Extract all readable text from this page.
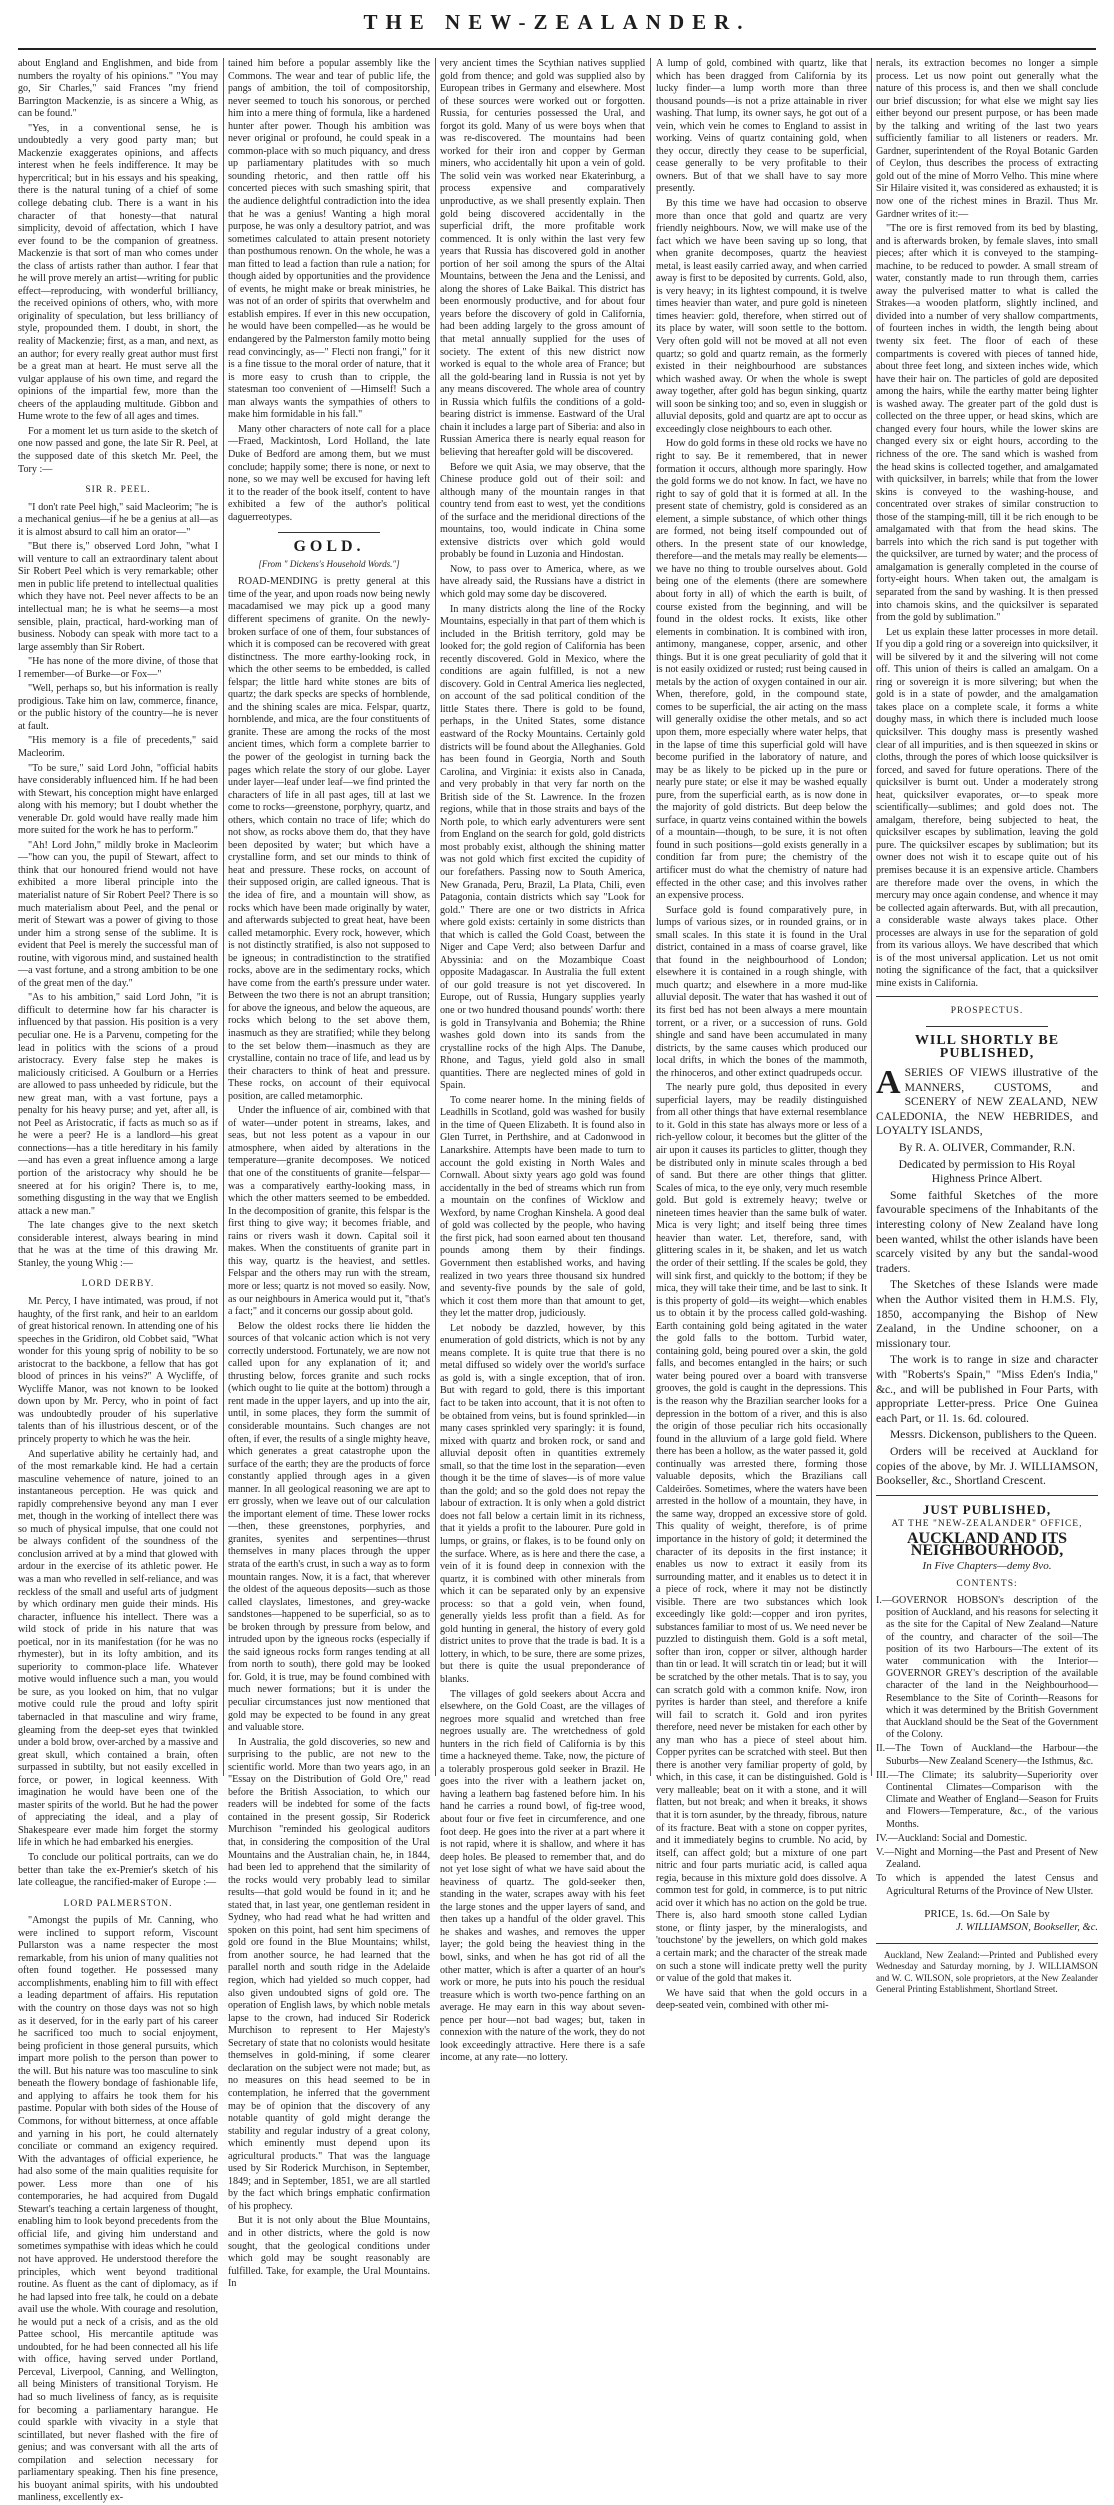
THE NEW-ZEALANDER.

about England and Englishmen, and bide from numbers the royalty of his opinions." "You may go, Sir Charles," said Frances "my friend Barrington Mackenzie, is as sincere a Whig, as can be found."

"Yes, in a conventional sense, he is undoubtedly a very good party man; but Mackenzie exaggerates opinions, and affects interest when he feels indifference. It may be hypercritical; but in his essays and his speaking, there is the natural tuning of a chief of some college debating club. There is a want in his character of that honesty—that natural simplicity, devoid of affectation, which I have ever found to be the companion of greatness. Mackenzie is that sort of man who comes under the class of artists rather than author. I fear that he will prove merely an artist—writing for public effect—reproducing, with wonderful brilliancy, the received opinions of others, who, with more originality of speculation, but less brilliancy of style, propounded them. I doubt, in short, the reality of Mackenzie; first, as a man, and next, as an author; for every really great author must first be a great man at heart. He must serve all the vulgar applause of his own time, and regard the opinions of the impartial few, more than the cheers of the applauding multitude. Gibbon and Hume wrote to the few of all ages and times.

For a moment let us turn aside to the sketch of one now passed and gone, the late Sir R. Peel, at the supposed date of this sketch Mr. Peel, the Tory :—

SIR R. PEEL.

"I don't rate Peel high," said Macleorim; "he is a mechanical genius—if he be a genius at all—as it is almost absurd to call him an orator—"

"But there is," observed Lord John, "what I will venture to call an extraordinary talent about Sir Robert Peel which is very remarkable; other men in public life pretend to intellectual qualities which they have not. Peel never affects to be an intellectual man; he is what he seems—a most sensible, plain, practical, hard-working man of business. Nobody can speak with more tact to a large assembly than Sir Robert.

"He has none of the more divine, of those that I remember—of Burke—or Fox—"

"Well, perhaps so, but his information is really prodigious. Take him on law, commerce, finance, or the public history of the country—he is never at fault.

"His memory is a file of precedents," said Macleorim.

"To be sure," said Lord John, "official habits have considerably influenced him. If he had been with Stewart, his conception might have enlarged along with his memory; but I doubt whether the venerable Dr. gold would have really made him more suited for the work he has to perform."

"Ah! Lord John," mildly broke in Macleorim—"how can you, the pupil of Stewart, affect to think that our honoured friend would not have exhibited a more liberal principle into the materialist nature of Sir Robert Peel? There is so much materialism about Peel, and the penal or merit of Stewart was a power of giving to those under him a strong sense of the sublime. It is evident that Peel is merely the successful man of routine, with vigorous mind, and sustained health—a vast fortune, and a strong ambition to be one of the great men of the day."

"As to his ambition," said Lord John, "it is difficult to determine how far his character is influenced by that passion. His position is a very peculiar one. He is a Parvenu, competing for the lead in politics with the scions of a proud aristocracy. Every false step he makes is maliciously criticised. A Goulburn or a Herries are allowed to pass unheeded by ridicule, but the new great man, with a vast fortune, pays a penalty for his heavy purse; and yet, after all, is not Peel as Aristocratic, if facts as much so as if he were a peer? He is a landlord—his great connections—has a title hereditary in his family—and has even a great influence among a large portion of the aristocracy why should he be sneered at for his origin? There is, to me, something disgusting in the way that we English attack a new man."

The late changes give to the next sketch considerable interest, always bearing in mind that he was at the time of this drawing Mr. Stanley, the young Whig :—

LORD DERBY.

Mr. Percy, I have intimated, was proud, if not haughty, of the first rank, and heir to an earldom of great historical renown. In attending one of his speeches in the Gridiron, old Cobbet said, "What wonder for this young sprig of nobility to be so aristocrat to the backbone, a fellow that has got blood of princes in his veins?" A Wycliffe, of Wycliffe Manor, was not known to be looked down upon by Mr. Percy, who in point of fact was undoubtedly prouder of his superlative talents than of his illustrious descent, or of the princely property to which he was the heir.

And superlative ability he certainly had, and of the most remarkable kind. He had a certain masculine vehemence of nature, joined to an instantaneous perception. He was quick and rapidly comprehensive beyond any man I ever met, though in the working of intellect there was so much of physical impulse, that one could not be always confident of the soundness of the conclusion arrived at by a mind that glowed with ardour in the exercise of its athletic power. He was a man who revelled in self-reliance, and was reckless of the small and useful arts of judgment by which ordinary men guide their minds. His character, influence his intellect. There was a wild stock of pride in his nature that was poetical, nor in its manifestation (for he was no rhymester), but in its lofty ambition, and its superiority to common-place life. Whatever motive would influence such a man, you would be sure, as you looked on him, that no vulgar motive could rule the proud and lofty spirit tabernacled in that masculine and wiry frame, gleaming from the deep-set eyes that twinkled under a bold brow, over-arched by a massive and great skull, which contained a brain, often surpassed in subtilty, but not easily excelled in force, or power, in logical keenness. With imagination he would have been one of the master spirits of the world. But he had the power of appreciating the ideal, and a play of Shakespeare ever made him forget the stormy life in which he had embarked his energies.

To conclude our political portraits, can we do better than take the ex-Premier's sketch of his late colleague, the rancified-maker of Europe :—

LORD PALMERSTON.

"Amongst the pupils of Mr. Canning, who were inclined to support reform, Viscount Pullarston was a name respecter the most remarkable, from his union of many qualities not often found together. He possessed many accomplishments, enabling him to fill with effect a leading department of affairs. His reputation with the country on those days was not so high as it deserved, for in the early part of his career he sacrificed too much to social enjoyment, being proficient in those general pursuits, which impart more polish to the person than power to the will. But his nature was too masculine to sink beneath the flowery bondage of fashionable life, and applying to affairs he took them for his pastime. Popular with both sides of the House of Commons, for without bitterness, at once affable and yarning in his port, he could alternately conciliate or command an exigency required. With the advantages of official experience, he had also some of the main qualities requisite for power. Less more than one of his contemporaries, he had acquired from Dugald Stewart's teaching a certain largeness of thought, enabling him to look beyond precedents from the official life, and giving him understand and sometimes sympathise with ideas which he could not have approved. He understood therefore the principles, which went beyond traditional routine. As fluent as the cant of diplomacy, as if he had lapsed into free talk, he could on a debate avail use the whole. With courage and resolution, he would put a neck of a crisis, and as the old Pattee school, His mercantile aptitude was undoubted, for he had been connected all his life with office, having served under Portland, Perceval, Liverpool, Canning, and Wellington, all being Ministers of transitional Toryism. He had so much liveliness of fancy, as is requisite for becoming a parliamentary harangue. He could sparkle with vivacity in a style that scintillated, but never flashed with the fire of genius; and was conversant with all the arts of compilation and selection necessary for parliamentary speaking. Then his fine presence, his buoyant animal spirits, with his undoubted manliness, excellently ex-

tained him before a popular assembly like the Commons. The wear and tear of public life, the pangs of ambition, the toil of compositorship, never seemed to touch his sonorous, or perched him into a mere thing of formula, like a hardened hunter after power. Though his ambition was never original or profound, he could speak in a common-place with so much piquancy, and dress up parliamentary platitudes with so much sounding rhetoric, and then rattle off his concerted pieces with such smashing spirit, that the audience delightful contradiction into the idea that he was a genius! Wanting a high moral purpose, he was only a desultory patriot, and was sometimes calculated to attain present notoriety than posthumous renown. On the whole, he was a man fitted to lead a faction than rule a nation; for though aided by opportunities and the providence of events, he might make or break ministries, he was not of an order of spirits that overwhelm and establish empires. If ever in this new occupation, he would have been compelled—as he would be endangered by the Palmerston family motto being read convincingly, as—" Flecti non frangi," for it is a fine tissue to the moral order of nature, that it is more easy to crush than to cripple, the statesman too convenient of —Himself! Such a man always wants the sympathies of others to make him formidable in his fall."

Many other characters of note call for a place—Fraed, Mackintosh, Lord Holland, the late Duke of Bedford are among them, but we must conclude; happily some; there is none, or next to none, so we may well be excused for having left it to the reader of the book itself, content to have exhibited a few of the author's political daguerreotypes.

GOLD.
[From " Dickens's Household Words."]

ROAD-MENDING is pretty general at this time of the year, and upon roads now being newly macadamised we may pick up a good many different specimens of granite. On the newly-broken surface of one of them, four substances of which it is composed can be recovered with great distinctness. The more earthy-looking rock, in which the other seems to be embedded, is called felspar; the little hard white stones are bits of quartz; the dark specks are specks of hornblende, and the shining scales are mica. Felspar, quartz, hornblende, and mica, are the four constituents of granite. These are among the rocks of the most ancient times, which form a complete barrier to the power of the geologist in turning back the pages which relate the story of our globe. Layer under layer—leaf under leaf—we find printed the characters of life in all past ages, till at last we come to rocks—greenstone, porphyry, quartz, and others, which contain no trace of life; which do not show, as rocks above them do, that they have been deposited by water; but which have a crystalline form, and set our minds to think of heat and pressure. These rocks, on account of their supposed origin, are called igneous. That is the idea of fire, and a mountain will show, as rocks which have been made originally by water, and afterwards subjected to great heat, have been called metamorphic. Every rock, however, which is not distinctly stratified, is also not supposed to be igneous; in contradistinction to the stratified rocks, above are in the sedimentary rocks, which have come from the earth's pressure under water. Between the two there is not an abrupt transition; for above the igneous, and below the aqueous, are rocks which belong to the set above them, inasmuch as they are stratified; while they belong to the set below them—inasmuch as they are crystalline, contain no trace of life, and lead us by their characters to think of heat and pressure. These rocks, on account of their equivocal position, are called metamorphic.

Under the influence of air, combined with that of water—under potent in streams, lakes, and seas, but not less potent as a vapour in our atmosphere, when aided by alterations in the temperature—granite decomposes. We noticed that one of the constituents of granite—felspar—was a comparatively earthy-looking mass, in which the other matters seemed to be embedded. In the decomposition of granite, this felspar is the first thing to give way; it becomes friable, and rains or rivers wash it down. Capital soil it makes. When the constituents of granite part in this way, quartz is the heaviest, and settles. Felspar and the others may run with the stream, more or less; quartz is not moved so easily. Now, as our neighbours in America would put it, "that's a fact;" and it concerns our gossip about gold.

Below the oldest rocks there lie hidden the sources of that volcanic action which is not very correctly understood. Fortunately, we are now not called upon for any explanation of it; and thrusting below, forces granite and such rocks (which ought to lie quite at the bottom) through a rent made in the upper layers, and up into the air, until, in some places, they form the summit of considerable mountains. Such changes are not often, if ever, the results of a single mighty heave, which generates a great catastrophe upon the surface of the earth; they are the products of force constantly applied through ages in a given manner. In all geological reasoning we are apt to err grossly, when we leave out of our calculation the important element of time. These lower rocks—then, these greenstones, porphyries, and granites, syenites and serpentines—thrust themselves in many places through the upper strata of the earth's crust, in such a way as to form mountain ranges. Now, it is a fact, that wherever the oldest of the aqueous deposits—such as those called clayslates, limestones, and grey-wacke sandstones—happened to be superficial, so as to be broken through by pressure from below, and intruded upon by the igneous rocks (especially if the said igneous rocks form ranges tending at all from north to south), there gold may be looked for. Gold, it is true, may be found combined with much newer formations; but it is under the peculiar circumstances just now mentioned that gold may be expected to be found in any great and valuable store.

In Australia, the gold discoveries, so new and surprising to the public, are not new to the scientific world. More than two years ago, in an "Essay on the Distribution of Gold Ore," read before the British Association, to which our readers will be indebted for some of the facts contained in the present gossip, Sir Roderick Murchison "reminded his geological auditors that, in considering the composition of the Ural Mountains and the Australian chain, he, in 1844, had been led to apprehend that the similarity of the rocks would very probably lead to similar results—that gold would be found in it; and he stated that, in last year, one gentleman resident in Sydney, who had read what he had written and spoken on this point, had sent him specimens of gold ore found in the Blue Mountains; whilst, from another source, he had learned that the parallel north and south ridge in the Adelaide region, which had yielded so much copper, had also given undoubted signs of gold ore. The operation of English laws, by which noble metals lapse to the crown, had induced Sir Roderick Murchison to represent to Her Majesty's Secretary of state that no colonists would hesitate themselves in gold-mining, if some clearer declaration on the subject were not made; but, as no measures on this head seemed to be in contemplation, he inferred that the government may be of opinion that the discovery of any notable quantity of gold might derange the stability and regular industry of a great colony, which eminently must depend upon its agricultural products." That was the language used by Sir Roderick Murchison, in September, 1849; and in September, 1851, we are all startled by the fact which brings emphatic confirmation of his prophecy.

But it is not only about the Blue Mountains, and in other districts, where the gold is now sought, that the geological conditions under which gold may be sought reasonably are fulfilled. Take, for example, the Ural Mountains. In

very ancient times the Scythian natives supplied gold from thence; and gold was supplied also by European tribes in Germany and elsewhere. Most of these sources were worked out or forgotten. Russia, for centuries possessed the Ural, and forgot its gold. Many of us were boys when that was re-discovered. The mountains had been worked for their iron and copper by German miners, who accidentally hit upon a vein of gold. The solid vein was worked near Ekaterinburg, a process expensive and comparatively unproductive, as we shall presently explain. Then gold being discovered accidentally in the superficial drift, the more profitable work commenced. It is only within the last very few years that Russia has discovered gold in another portion of her soil among the spurs of the Altai Mountains, between the Jena and the Lenissi, and along the shores of Lake Baikal. This district has been enormously productive, and for about four years before the discovery of gold in California, had been adding largely to the gross amount of that metal annually supplied for the uses of society. The extent of this new district now worked is equal to the whole area of France; but all the gold-bearing land in Russia is not yet by any means discovered. The whole area of country in Russia which fulfils the conditions of a gold-bearing district is immense. Eastward of the Ural chain it includes a large part of Siberia: and also in Russian America there is nearly equal reason for believing that hereafter gold will be discovered.

Before we quit Asia, we may observe, that the Chinese produce gold out of their soil: and although many of the mountain ranges in that country tend from east to west, yet the conditions of the surface and the meridional directions of the mountains, too, would indicate in China some extensive districts over which gold would probably be found in Luzonia and Hindostan.

Now, to pass over to America, where, as we have already said, the Russians have a district in which gold may some day be discovered.

In many districts along the line of the Rocky Mountains, especially in that part of them which is included in the British territory, gold may be looked for; the gold region of California has been recently discovered. Gold in Mexico, where the conditions are again fulfilled, is not a new discovery. Gold in Central America lies neglected, on account of the sad political condition of the little States there. There is gold to be found, perhaps, in the United States, some distance eastward of the Rocky Mountains. Certainly gold districts will be found about the Alleghanies. Gold has been found in Georgia, North and South Carolina, and Virginia: it exists also in Canada, and very probably in that very far north on the British side of the St. Lawrence. In the frozen regions, while that in those straits and bays of the North pole, to which early adventurers were sent from England on the search for gold, gold districts most probably exist, although the shining matter was not gold which first excited the cupidity of our forefathers. Passing now to South America, New Granada, Peru, Brazil, La Plata, Chili, even Patagonia, contain districts which say "Look for gold." There are one or two districts in Africa where gold exists: certainly in some districts than that which is called the Gold Coast, between the Niger and Cape Verd; also between Darfur and Abyssinia: and on the Mozambique Coast opposite Madagascar. In Australia the full extent of our gold treasure is not yet discovered. In Europe, out of Russia, Hungary supplies yearly one or two hundred thousand pounds' worth: there is gold in Transylvania and Bohemia; the Rhine washes gold down into its sands from the crystalline rocks of the high Alps. The Danube, Rhone, and Tagus, yield gold also in small quantities. There are neglected mines of gold in Spain.

To come nearer home. In the mining fields of Leadhills in Scotland, gold was washed for busily in the time of Queen Elizabeth. It is found also in Glen Turret, in Perthshire, and at Cadonwood in Lanarkshire. Attempts have been made to turn to account the gold existing in North Wales and Cornwall. About sixty years ago gold was found accidentally in the bed of streams which run from a mountain on the confines of Wicklow and Wexford, by name Croghan Kinshela. A good deal of gold was collected by the people, who having the first pick, had soon earned about ten thousand pounds among them by their findings. Government then established works, and having realized in two years three thousand six hundred and seventy-five pounds by the sale of gold, which it cost them more than that amount to get, they let the matter drop, judiciously.

Let nobody be dazzled, however, by this enumeration of gold districts, which is not by any means complete. It is quite true that there is no metal diffused so widely over the world's surface as gold is, with a single exception, that of iron. But with regard to gold, there is this important fact to be taken into account, that it is not often to be obtained from veins, but is found sprinkled—in many cases sprinkled very sparingly: it is found, mixed with quartz and broken rock, or sand and alluvial deposit often in quantities extremely small, so that the time lost in the separation—even though it be the time of slaves—is of more value than the gold; and so the gold does not repay the labour of extraction. It is only when a gold district does not fall below a certain limit in its richness, that it yields a profit to the labourer. Pure gold in lumps, or grains, or flakes, is to be found only on the surface. Where, as is here and there the case, a vein of it is found deep in connexion with the quartz, it is combined with other minerals from which it can be separated only by an expensive process: so that a gold vein, when found, generally yields less profit than a field. As for gold hunting in general, the history of every gold district unites to prove that the trade is bad. It is a lottery, in which, to be sure, there are some prizes, but there is quite the usual preponderance of blanks.

The villages of gold seekers about Accra and elsewhere, on the Gold Coast, are the villages of negroes more squalid and wretched than free negroes usually are. The wretchedness of gold hunters in the rich field of California is by this time a hackneyed theme. Take, now, the picture of a tolerably prosperous gold seeker in Brazil. He goes into the river with a leathern jacket on, having a leathern bag fastened before him. In his hand he carries a round bowl, of fig-tree wood, about four or five feet in circumference, and one foot deep. He goes into the river at a part where it is not rapid, where it is shallow, and where it has deep holes. Be pleased to remember that, and do not yet lose sight of what we have said about the heaviness of quartz. The gold-seeker then, standing in the water, scrapes away with his feet the large stones and the upper layers of sand, and then takes up a handful of the older gravel. This he shakes and washes, and removes the upper layer; the gold being the heaviest thing in the bowl, sinks, and when he has got rid of all the other matter, which is after a quarter of an hour's work or more, he puts into his pouch the residual treasure which is worth two-pence farthing on an average. He may earn in this way about seven-pence per hour—not bad wages; but, taken in connexion with the nature of the work, they do not look exceedingly attractive. Here there is a safe income, at any rate—no lottery.

A lump of gold, combined with quartz, like that which has been dragged from California by its lucky finder—a lump worth more than three thousand pounds—is not a prize attainable in river washing. That lump, its owner says, he got out of a vein, which vein he comes to England to assist in working. Veins of quartz containing gold, when they occur, directly they cease to be superficial, cease generally to be very profitable to their owners. But of that we shall have to say more presently.

By this time we have had occasion to observe more than once that gold and quartz are very friendly neighbours. Now, we will make use of the fact which we have been saving up so long, that when granite decomposes, quartz the heaviest metal, is least easily carried away, and when carried away is first to be deposited by currents. Gold, also, is very heavy; in its lightest compound, it is twelve times heavier than water, and pure gold is nineteen times heavier: gold, therefore, when stirred out of its place by water, will soon settle to the bottom. Very often gold will not be moved at all not even quartz; so gold and quartz remain, as the formerly existed in their neighbourhood are substances which washed away. Or when the whole is swept away together, after gold has begun sinking, quartz will soon be sinking too; and so, even in sluggish or alluvial deposits, gold and quartz are apt to occur as exceedingly close neighbours to each other.

How do gold forms in these old rocks we have no right to say. Be it remembered, that in newer formation it occurs, although more sparingly. How the gold forms we do not know. In fact, we have no right to say of gold that it is formed at all. In the present state of chemistry, gold is considered as an element, a simple substance, of which other things are formed, not being itself compounded out of others. In the present state of our knowledge, therefore—and the metals may really be elements—we have no thing to trouble ourselves about. Gold being one of the elements (there are somewhere about forty in all) of which the earth is built, of course existed from the beginning, and will be found in the oldest rocks. It exists, like other elements in combination. It is combined with iron, antimony, manganese, copper, arsenic, and other things. But it is one great peculiarity of gold that it is not easily oxidized or rusted; rust being caused in metals by the action of oxygen contained in our air. When, therefore, gold, in the compound state, comes to be superficial, the air acting on the mass will generally oxidise the other metals, and so act upon them, more especially where water helps, that in the lapse of time this superficial gold will have become purified in the laboratory of nature, and may be as likely to be picked up in the pure or nearly pure state; or else it may be washed equally pure, from the superficial earth, as is now done in the majority of gold districts. But deep below the surface, in quartz veins contained within the bowels of a mountain—though, to be sure, it is not often found in such positions—gold exists generally in a condition far from pure; the chemistry of the artificer must do what the chemistry of nature had effected in the other case; and this involves rather an expensive process.

Surface gold is found comparatively pure, in lumps of various sizes, or in rounded grains, or in small scales. In this state it is found in the Ural district, contained in a mass of coarse gravel, like that found in the neighbourhood of London; elsewhere it is contained in a rough shingle, with much quartz; and elsewhere in a more mud-like alluvial deposit. The water that has washed it out of its first bed has not been always a mere mountain torrent, or a river, or a succession of runs. Gold shingle and sand have been accumulated in many districts, by the same causes which produced our local drifts, in which the bones of the mammoth, the rhinoceros, and other extinct quadrupeds occur.

The nearly pure gold, thus deposited in every superficial layers, may be readily distinguished from all other things that have external resemblance to it. Gold in this state has always more or less of a rich-yellow colour, it becomes but the glitter of the air upon it causes its particles to glitter, though they be distributed only in minute scales through a bed of sand. But there are other things that glitter. Scales of mica, to the eye only, very much resemble gold. But gold is extremely heavy; twelve or nineteen times heavier than the same bulk of water. Mica is very light; and itself being three times heavier than water. Let, therefore, sand, with glittering scales in it, be shaken, and let us watch the order of their settling. If the scales be gold, they will sink first, and quickly to the bottom; if they be mica, they will take their time, and be last to sink. It is this property of gold—its weight—which enables us to obtain it by the process called gold-washing. Earth containing gold being agitated in the water the gold falls to the bottom. Turbid water, containing gold, being poured over a skin, the gold falls, and becomes entangled in the hairs; or such water being poured over a board with transverse grooves, the gold is caught in the depressions. This is the reason why the Brazilian searcher looks for a depression in the bottom of a river, and this is also the origin of those peculiar rich hits occasionally found in the alluvium of a large gold field. Where there has been a hollow, as the water passed it, gold continually was arrested there, forming those valuable deposits, which the Brazilians call Caldeirões. Sometimes, where the waters have been arrested in the hollow of a mountain, they have, in the same way, dropped an excessive store of gold. This quality of weight, therefore, is of prime importance in the history of gold; it determined the character of its deposits in the first instance; it enables us now to extract it easily from its surrounding matter, and it enables us to detect it in a piece of rock, where it may not be distinctly visible. There are two substances which look exceedingly like gold:—copper and iron pyrites, substances familiar to most of us. We need never be puzzled to distinguish them. Gold is a soft metal, softer than iron, copper or silver, although harder than tin or lead. It will scratch tin or lead; but it will be scratched by the other metals. That is to say, you can scratch gold with a common knife. Now, iron pyrites is harder than steel, and therefore a knife will fail to scratch it. Gold and iron pyrites therefore, need never be mistaken for each other by any man who has a piece of steel about him. Copper pyrites can be scratched with steel. But then there is another very familiar property of gold, by which, in this case, it can be distinguished. Gold is very malleable; beat on it with a stone, and it will flatten, but not break; and when it breaks, it shows that it is torn asunder, by the thready, fibrous, nature of its fracture. Beat with a stone on copper pyrites, and it immediately begins to crumble. No acid, by itself, can affect gold; but a mixture of one part nitric and four parts muriatic acid, is called aqua regia, because in this mixture gold does dissolve. A common test for gold, in commerce, is to put nitric acid over it which has no action on the gold be true. There is, also hard smooth stone called Lydian stone, or flinty jasper, by the mineralogists, and 'touchstone' by the jewellers, on which gold makes a certain mark; and the character of the streak made on such a stone will indicate pretty well the purity or value of the gold that makes it.

We have said that when the gold occurs in a deep-seated vein, combined with other mi-

nerals, its extraction becomes no longer a simple process. Let us now point out generally what the nature of this process is, and then we shall conclude our brief discussion; for what else we might say lies either beyond our present purpose, or has been made by the talking and writing of the last two years sufficiently familiar to all listeners or readers. Mr. Gardner, superintendent of the Royal Botanic Garden of Ceylon, thus describes the process of extracting gold out of the mine of Morro Velho. This mine where Sir Hilaire visited it, was considered as exhausted; it is now one of the richest mines in Brazil. Thus Mr. Gardner writes of it:—

"The ore is first removed from its bed by blasting, and is afterwards broken, by female slaves, into small pieces; after which it is conveyed to the stamping-machine, to be reduced to powder. A small stream of water, constantly made to run through them, carries away the pulverised matter to what is called the Strakes—a wooden platform, slightly inclined, and divided into a number of very shallow compartments, of fourteen inches in width, the length being about twenty six feet. The floor of each of these compartments is covered with pieces of tanned hide, about three feet long, and sixteen inches wide, which have their hair on. The particles of gold are deposited among the hairs, while the earthy matter being lighter is washed away. The greater part of the gold dust is collected on the three upper, or head skins, which are changed every four hours, while the lower skins are changed every six or eight hours, according to the richness of the ore. The sand which is washed from the head skins is collected together, and amalgamated with quicksilver, in barrels; while that from the lower skins is conveyed to the washing-house, and concentrated over strakes of similar construction to those of the stamping-mill, till it be rich enough to be amalgamated with that from the head skins. The barrels into which the rich sand is put together with the quicksilver, are turned by water; and the process of amalgamation is generally completed in the course of forty-eight hours. When taken out, the amalgam is separated from the sand by washing. It is then pressed into chamois skins, and the quicksilver is separated from the gold by sublimation."

Let us explain these latter processes in more detail. If you dip a gold ring or a sovereign into quicksilver, it will be silvered by it and the silvering will not come off. This union of theirs is called an amalgam. On a ring or sovereign it is more silvering; but when the gold is in a state of powder, and the amalgamation takes place on a complete scale, it forms a white doughy mass, in which there is included much loose quicksilver. This doughy mass is presently washed clear of all impurities, and is then squeezed in skins or cloths, through the pores of which loose quicksilver is forced, and saved for future operations. There of the quicksilver is burnt out. Under a moderately strong heat, quicksilver evaporates, or—to speak more scientifically—sublimes; and gold does not. The amalgam, therefore, being subjected to heat, the quicksilver escapes by sublimation, leaving the gold pure. The quicksilver escapes by sublimation; but its owner does not wish it to escape quite out of his premises because it is an expensive article. Chambers are therefore made over the ovens, in which the mercury may once again condense, and whence it may be collected again afterwards. But, with all precaution, a considerable waste always takes place. Other processes are always in use for the separation of gold from its various alloys. We have described that which is of the most universal application. Let us not omit noting the significance of the fact, that a quicksilver mine exists in California.

PROSPECTUS.
WILL SHORTLY BE PUBLISHED,

ASERIES OF VIEWS illustrative of the MANNERS, CUSTOMS, and SCENERY of NEW ZEALAND, NEW CALEDONIA, the NEW HEBRIDES, and LOYALTY ISLANDS,

By R. A. OLIVER, Commander, R.N.

Dedicated by permission to His Royal Highness Prince Albert.

Some faithful Sketches of the more favourable specimens of the Inhabitants of the interesting colony of New Zealand have long been wanted, whilst the other islands have been scarcely visited by any but the sandal-wood traders.

The Sketches of these Islands were made when the Author visited them in H.M.S. Fly, 1850, accompanying the Bishop of New Zealand, in the Undine schooner, on a missionary tour.

The work is to range in size and character with "Roberts's Spain," "Miss Eden's India," &c., and will be published in Four Parts, with appropriate Letter-press. Price One Guinea each Part, or 1l. 1s. 6d. coloured.

Messrs. Dickenson, publishers to the Queen.

Orders will be received at Auckland for copies of the above, by Mr. J. WILLIAMSON, Bookseller, &c., Shortland Crescent.

JUST PUBLISHED,
AT THE "NEW-ZEALANDER" OFFICE,
AUCKLAND AND ITS NEIGHBOURHOOD,
In Five Chapters—demy 8vo.
CONTENTS:

I.—GOVERNOR HOBSON's description of the position of Auckland, and his reasons for selecting it as the site for the Capital of New Zealand—Nature of the country, and character of the soil—The position of its two Harbours—The extent of its water communication with the Interior—GOVERNOR GREY's description of the available character of the land in the Neighbourhood—Resemblance to the Site of Corinth—Reasons for which it was determined by the British Government that Auckland should be the Seat of the Government of the Colony.

II.—The Town of Auckland—the Harbour—the Suburbs—New Zealand Scenery—the Isthmus, &c.

III.—The Climate; its salubrity—Superiority over Continental Climates—Comparison with the Climate and Weather of England—Season for Fruits and Flowers—Temperature, &c., of the various Months.

IV.—Auckland: Social and Domestic.

V.—Night and Morning—the Past and Present of New Zealand.

To which is appended the latest Census and Agricultural Returns of the Province of New Ulster.

PRICE, 1s. 6d.—On Sale by
J. WILLIAMSON, Bookseller, &c.
Auckland, New Zealand:—Printed and Published every Wednesday and Saturday morning, by J. WILLIAMSON and W. C. WILSON, sole proprietors, at the New Zealander General Printing Establishment, Shortland Street.
